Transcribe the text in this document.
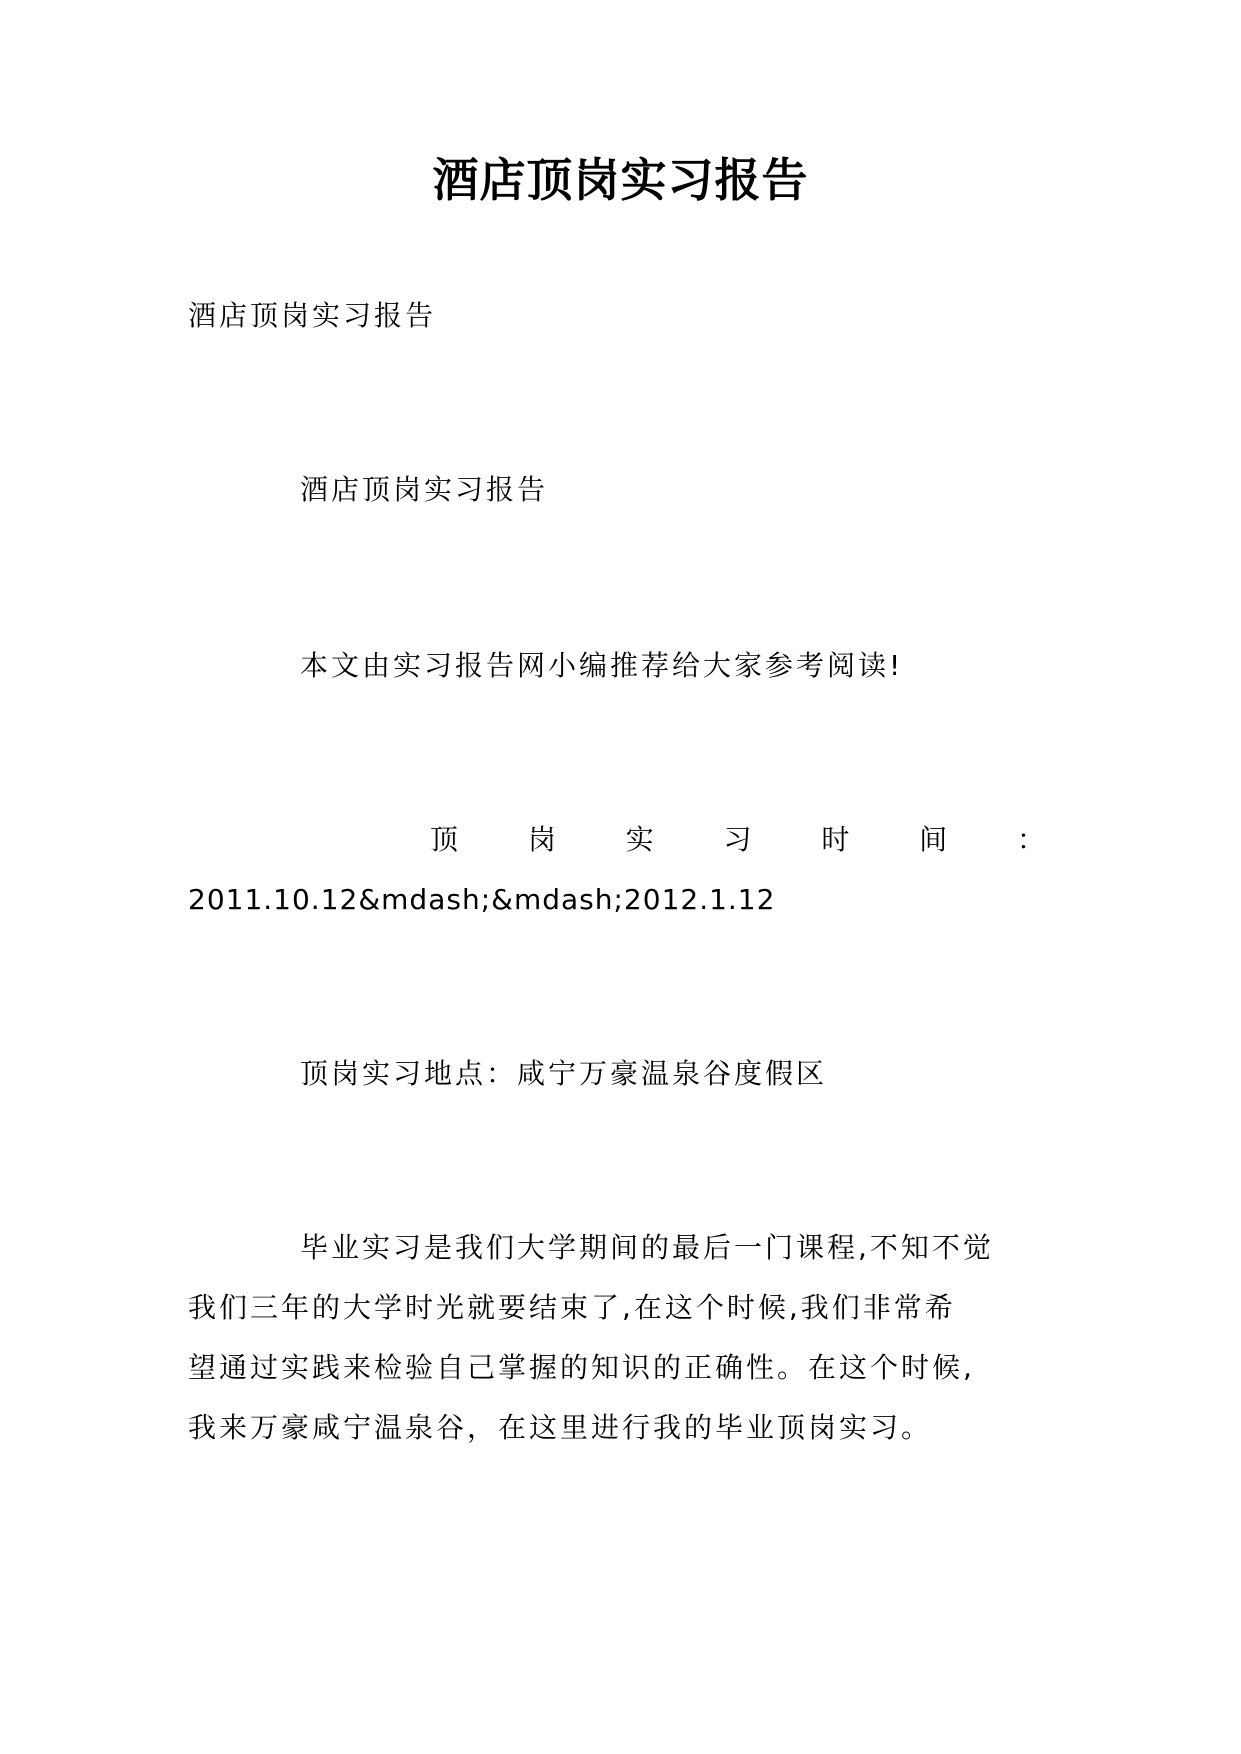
酒店顶岗实习报告
酒店顶岗实习报告
酒店顶岗实习报告
本文由实习报告网小编推荐给大家参考阅读!
顶 岗 实 习 时 间 ：
2011.10.12&mdash;&mdash;2012.1.12
顶岗实习地点：咸宁万豪温泉谷度假区
毕业实习是我们大学期间的最后一门课程,不知不觉
我们三年的大学时光就要结束了,在这个时候,我们非常希
望通过实践来检验自己掌握的知识的正确性。在这个时候,
我来万豪咸宁温泉谷，在这里进行我的毕业顶岗实习。
